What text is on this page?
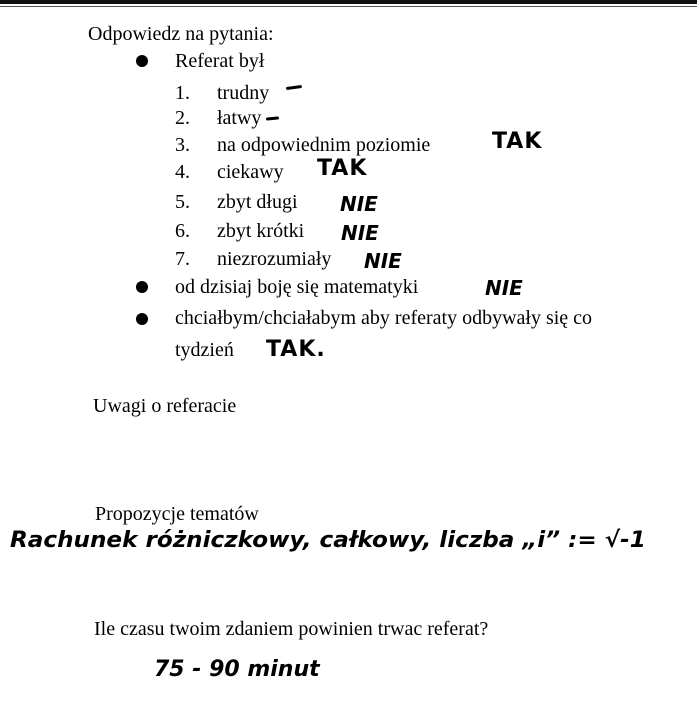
Odpowiedz na pytania:
Referat był
1. trudny
2. łatwy
3. na odpowiednim poziomie	TAK
4. ciekawy TAK
5. zbyt długi NIE
6. zbyt krótki NIE
7. niezrozumiały NIE
od dzisiaj boję się matematyki	NIE
chciałbym/chciałabym aby referaty odbywały się co
tydzień TAK.
Uwagi o referacie
Propozycje tematów
Rachunek różniczkowy, całkowy, liczba „i” := √-1
Ile czasu twoim zdaniem powinien trwac referat?
75 - 90 minut
